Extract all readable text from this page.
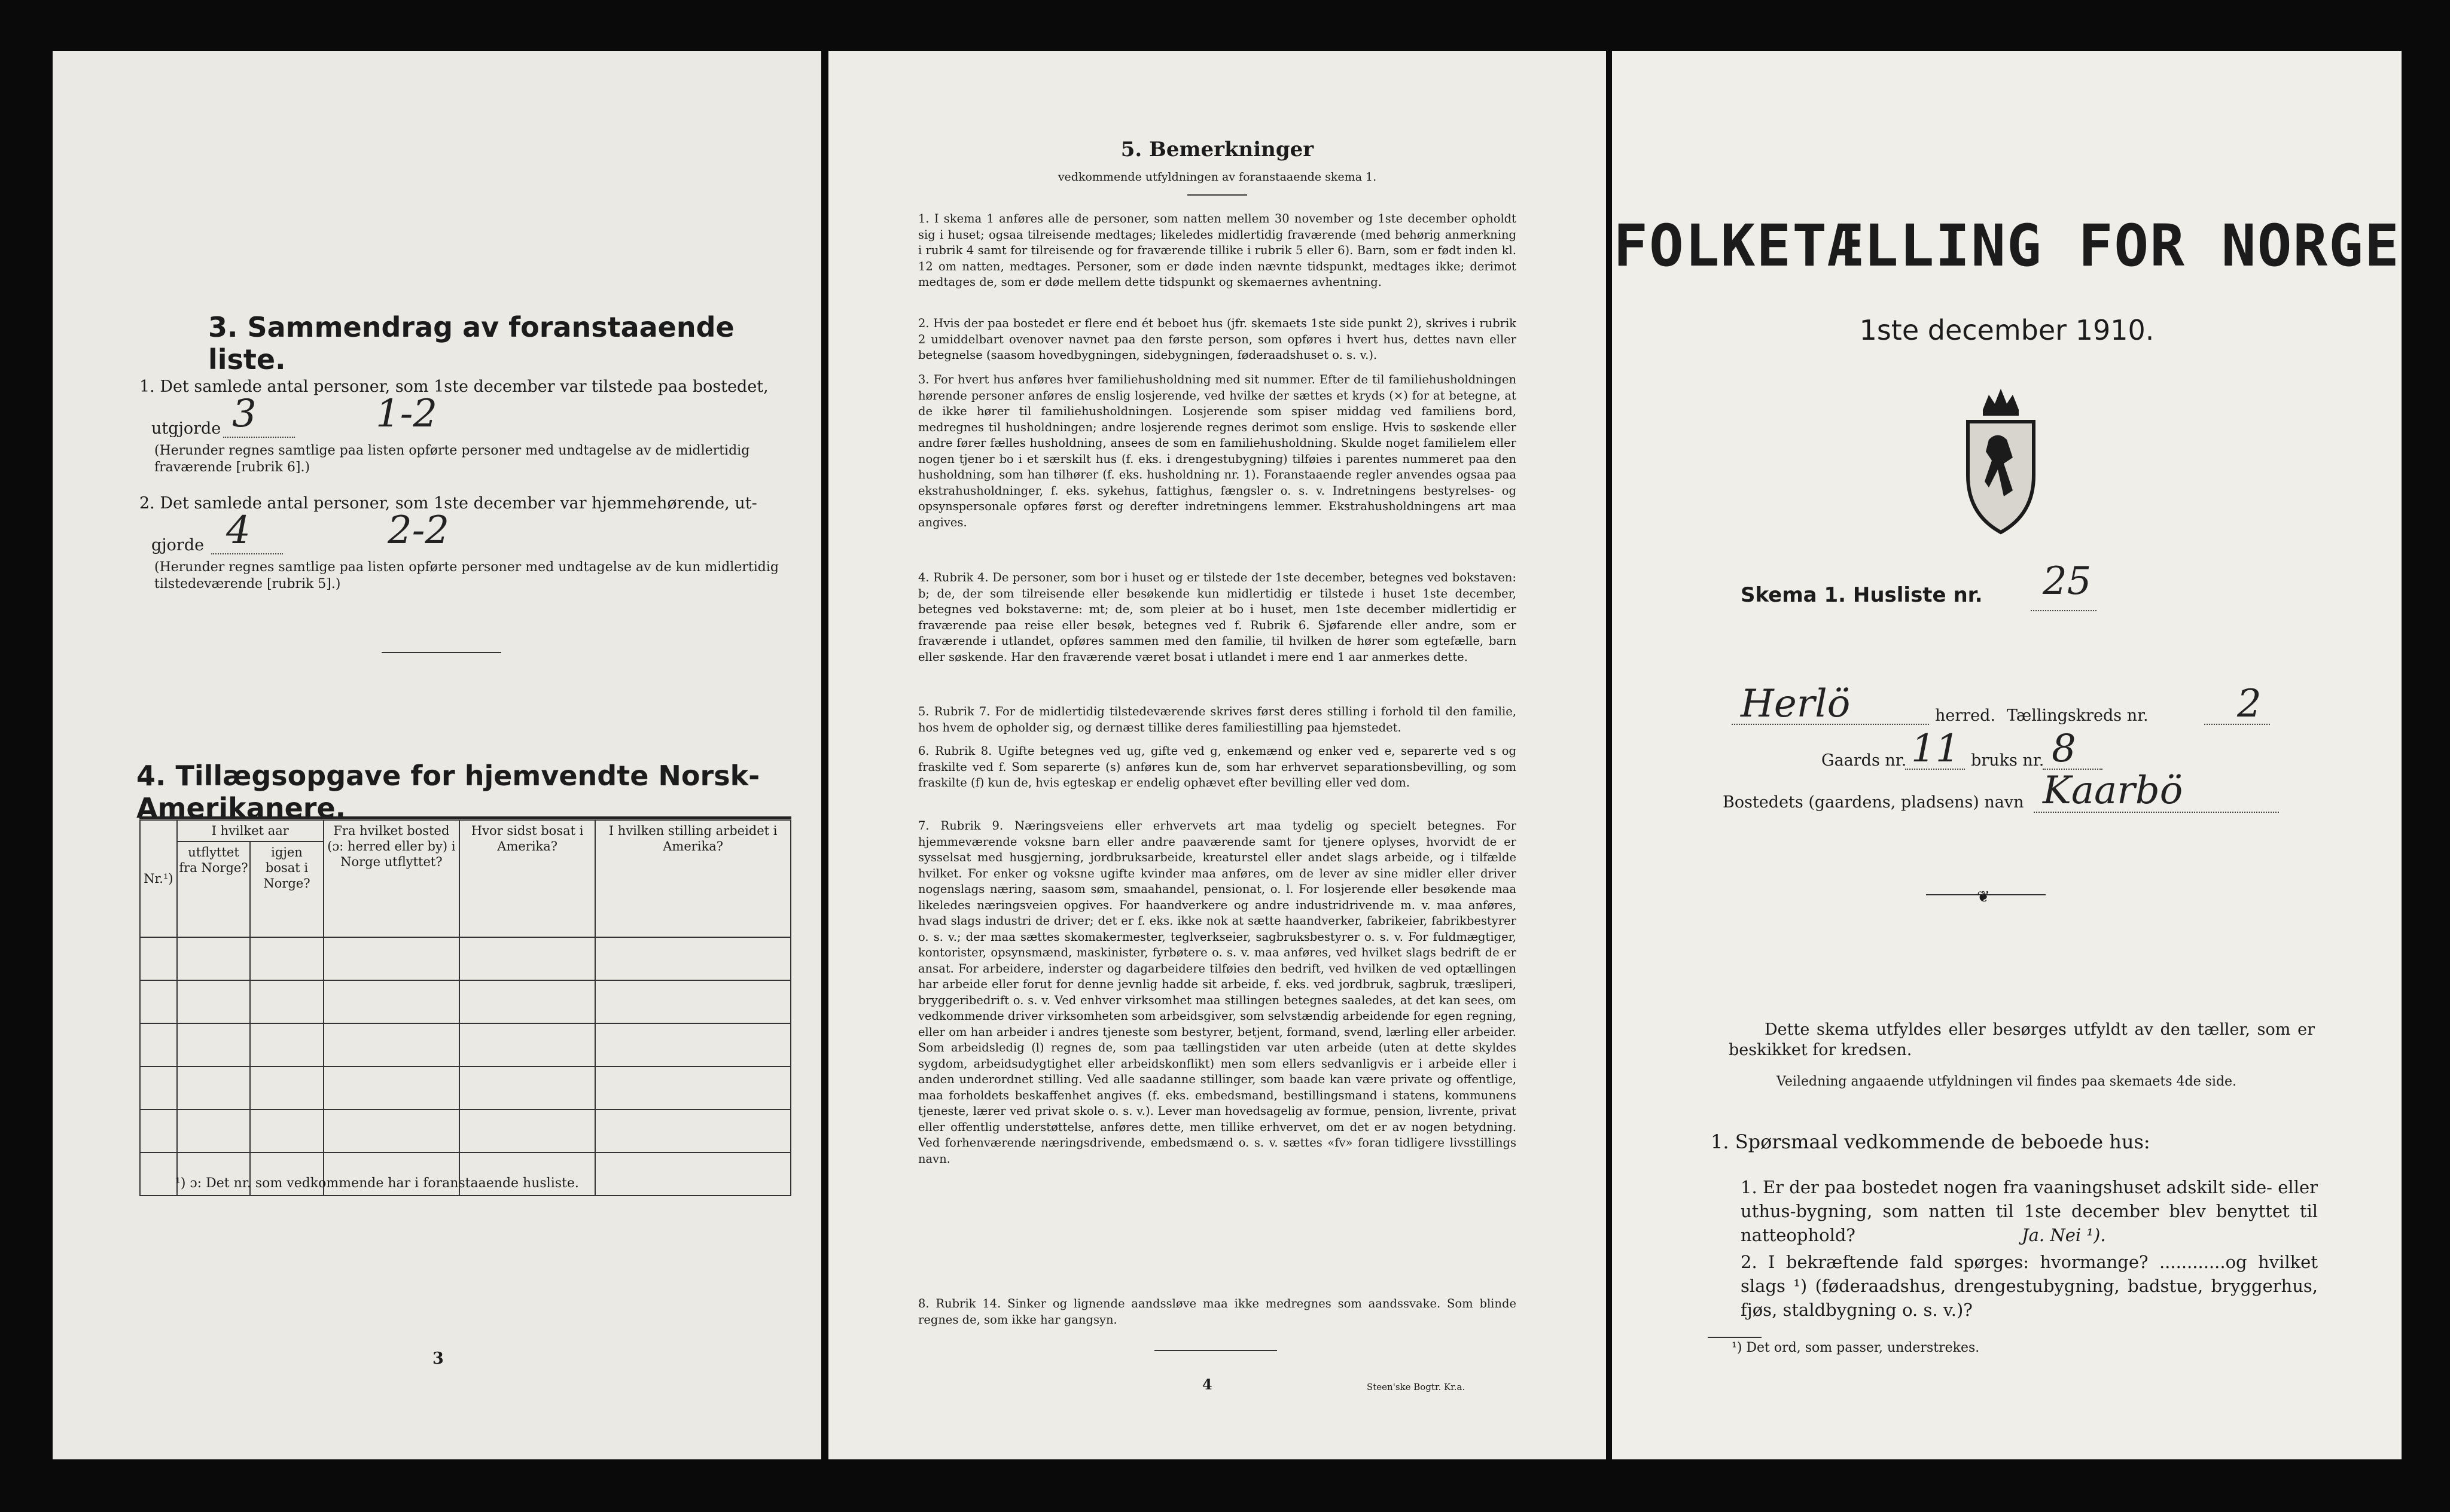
3. Sammendrag av foranstaaende liste.
1. Det samlede antal personer, som 1ste december var tilstede paa bostedet,
utgjorde 3	1-2
(Herunder regnes samtlige paa listen opførte personer med undtagelse av de midlertidig fraværende [rubrik 6].)
2. Det samlede antal personer, som 1ste december var hjemmehørende, ut-
gjorde 4	2-2
(Herunder regnes samtlige paa listen opførte personer med undtagelse av de kun midlertidig tilstedeværende [rubrik 5].)
4. Tillægsopgave for hjemvendte Norsk-Amerikanere.
Nr.¹)	I hvilket aar		Fra hvilket bosted (ɔ: herred eller by) i Norge utflyttet?	Hvor sidst bosat i Amerika?	I hvilken stilling arbeidet i Amerika?
	utflyttet fra Norge?	igjen bosat i Norge?			

¹) ɔ: Det nr. som vedkommende har i foranstaaende husliste.
3
5. Bemerkninger
vedkommende utfyldningen av foranstaaende skema 1.
1. I skema 1 anføres alle de personer, som natten mellem 30 november og 1ste december opholdt sig i huset; ogsaa tilreisende medtages; likeledes midlertidig fraværende (med behørig anmerkning i rubrik 4 samt for tilreisende og for fraværende tillike i rubrik 5 eller 6). Barn, som er født inden kl. 12 om natten, medtages. Personer, som er døde inden nævnte tidspunkt, medtages ikke; derimot medtages de, som er døde mellem dette tidspunkt og skemaernes avhentning.
2. Hvis der paa bostedet er flere end ét beboet hus (jfr. skemaets 1ste side punkt 2), skrives i rubrik 2 umiddelbart ovenover navnet paa den første person, som opføres i hvert hus, dettes navn eller betegnelse (saasom hovedbygningen, sidebygningen, føderaadshuset o. s. v.).
3. For hvert hus anføres hver familiehusholdning med sit nummer. Efter de til familiehusholdningen hørende personer anføres de enslig losjerende, ved hvilke der sættes et kryds (×) for at betegne, at de ikke hører til familiehusholdningen. Losjerende som spiser middag ved familiens bord, medregnes til husholdningen; andre losjerende regnes derimot som enslige. Hvis to søskende eller andre fører fælles husholdning, ansees de som en familiehusholdning. Skulde noget familielem eller nogen tjener bo i et særskilt hus (f. eks. i drengestubygning) tilføies i parentes nummeret paa den husholdning, som han tilhører (f. eks. husholdning nr. 1). Foranstaaende regler anvendes ogsaa paa ekstrahusholdninger, f. eks. sykehus, fattighus, fængsler o. s. v. Indretningens bestyrelses- og opsynspersonale opføres først og derefter indretningens lemmer. Ekstrahusholdningens art maa angives.
4. Rubrik 4. De personer, som bor i huset og er tilstede der 1ste december, betegnes ved bokstaven: b; de, der som tilreisende eller besøkende kun midlertidig er tilstede i huset 1ste december, betegnes ved bokstaverne: mt; de, som pleier at bo i huset, men 1ste december midlertidig er fraværende paa reise eller besøk, betegnes ved f. Rubrik 6. Sjøfarende eller andre, som er fraværende i utlandet, opføres sammen med den familie, til hvilken de hører som egtefælle, barn eller søskende. Har den fraværende været bosat i utlandet i mere end 1 aar anmerkes dette.
5. Rubrik 7. For de midlertidig tilstedeværende skrives først deres stilling i forhold til den familie, hos hvem de opholder sig, og dernæst tillike deres familiestilling paa hjemstedet.
6. Rubrik 8. Ugifte betegnes ved ug, gifte ved g, enkemænd og enker ved e, separerte ved s og fraskilte ved f. Som separerte (s) anføres kun de, som har erhvervet separationsbevilling, og som fraskilte (f) kun de, hvis egteskap er endelig ophævet efter bevilling eller ved dom.
7. Rubrik 9. Næringsveiens eller erhvervets art maa tydelig og specielt betegnes. For hjemmeværende voksne barn eller andre paaværende samt for tjenere oplyses, hvorvidt de er sysselsat med husgjerning, jordbruksarbeide, kreaturstel eller andet slags arbeide, og i tilfælde hvilket. For enker og voksne ugifte kvinder maa anføres, om de lever av sine midler eller driver nogenslags næring, saasom søm, smaahandel, pensionat, o. l. For losjerende eller besøkende maa likeledes næringsveien opgives. For haandverkere og andre industridrivende m. v. maa anføres, hvad slags industri de driver; det er f. eks. ikke nok at sætte haandverker, fabrikeier, fabrikbestyrer o. s. v.; der maa sættes skomakermester, teglverkseier, sagbruksbestyrer o. s. v. For fuldmægtiger, kontorister, opsynsmænd, maskinister, fyrbøtere o. s. v. maa anføres, ved hvilket slags bedrift de er ansat. For arbeidere, inderster og dagarbeidere tilføies den bedrift, ved hvilken de ved optællingen har arbeide eller forut for denne jevnlig hadde sit arbeide, f. eks. ved jordbruk, sagbruk, træsliperi, bryggeribedrift o. s. v. Ved enhver virksomhet maa stillingen betegnes saaledes, at det kan sees, om vedkommende driver virksomheten som arbeidsgiver, som selvstændig arbeidende for egen regning, eller om han arbeider i andres tjeneste som bestyrer, betjent, formand, svend, lærling eller arbeider. Som arbeidsledig (l) regnes de, som paa tællingstiden var uten arbeide (uten at dette skyldes sygdom, arbeidsudygtighet eller arbeidskonflikt) men som ellers sedvanligvis er i arbeide eller i anden underordnet stilling. Ved alle saadanne stillinger, som baade kan være private og offentlige, maa forholdets beskaffenhet angives (f. eks. embedsmand, bestillingsmand i statens, kommunens tjeneste, lærer ved privat skole o. s. v.). Lever man hovedsagelig av formue, pension, livrente, privat eller offentlig understøttelse, anføres dette, men tillike erhvervet, om det er av nogen betydning. Ved forhenværende næringsdrivende, embedsmænd o. s. v. sættes «fv» foran tidligere livsstillings navn.
8. Rubrik 14. Sinker og lignende aandssløve maa ikke medregnes som aandssvake. Som blinde regnes de, som ikke har gangsyn.
4	Steen'ske Bogtr. Kr.a.
FOLKETÆLLING FOR NORGE
1ste december 1910.
Skema 1. Husliste nr. 25
Herlö	herred. Tællingskreds nr. 2
Gaards nr. 11 bruks nr. 8
Bostedets (gaardens, pladsens) navn Kaarbö
❦
Dette skema utfyldes eller besørges utfyldt av den tæller, som er beskikket for kredsen.
Veiledning angaaende utfyldningen vil findes paa skemaets 4de side.
1. Spørsmaal vedkommende de beboede hus:
1. Er der paa bostedet nogen fra vaaningshuset adskilt side- eller uthus-bygning, som natten til 1ste december blev benyttet til natteophold?	Ja. Nei ¹).
2. I bekræftende fald spørges: hvormange? ............og hvilket slags ¹) (føderaadshus, drengestubygning, badstue, bryggerhus, fjøs, staldbygning o. s. v.)?
¹) Det ord, som passer, understrekes.
